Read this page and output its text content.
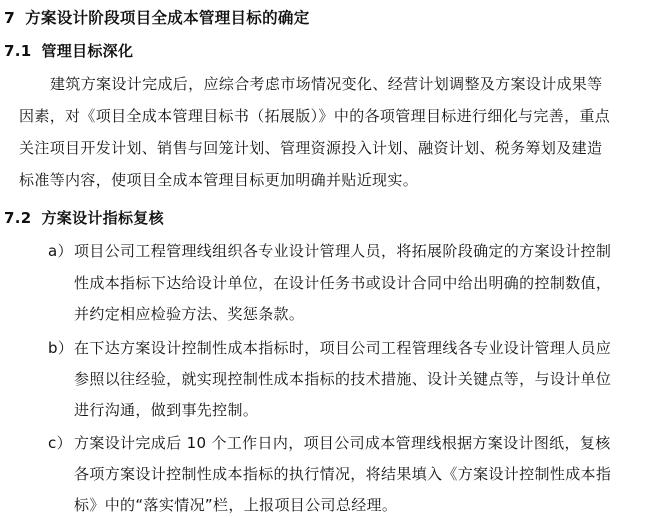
7 方案设计阶段项目全成本管理目标的确定
7.1 管理目标深化
建筑方案设计完成后，应综合考虑市场情况变化、经营计划调整及方案设计成果等
因素，对《项目全成本管理目标书（拓展版）》中的各项管理目标进行细化与完善，重点
关注项目开发计划、销售与回笼计划、管理资源投入计划、融资计划、税务筹划及建造
标准等内容，使项目全成本管理目标更加明确并贴近现实。
7.2 方案设计指标复核
a） 项目公司工程管理线组织各专业设计管理人员，将拓展阶段确定的方案设计控制
性成本指标下达给设计单位，在设计任务书或设计合同中给出明确的控制数值，
并约定相应检验方法、奖惩条款。
b） 在下达方案设计控制性成本指标时，项目公司工程管理线各专业设计管理人员应
参照以往经验，就实现控制性成本指标的技术措施、设计关键点等，与设计单位
进行沟通，做到事先控制。
c） 方案设计完成后 10 个工作日内，项目公司成本管理线根据方案设计图纸，复核
各项方案设计控制性成本指标的执行情况，将结果填入《方案设计控制性成本指
标》中的“落实情况”栏，上报项目公司总经理。
